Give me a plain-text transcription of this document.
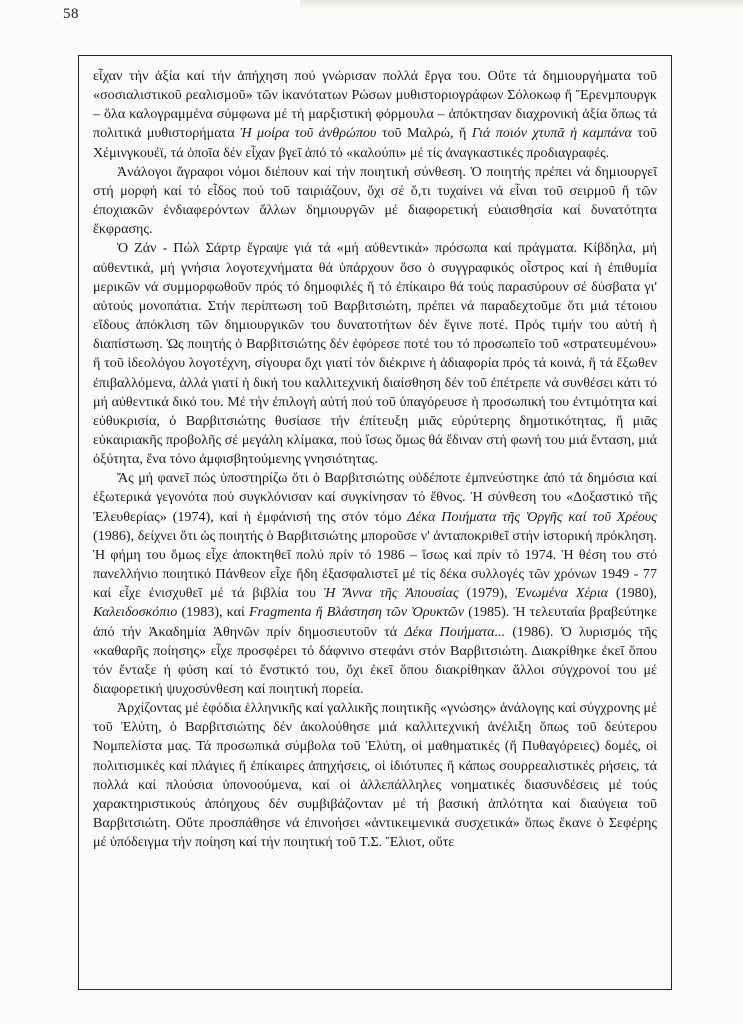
58

εἶχαν τήν ἀξία καί τήν ἀπήχηση πού γνώρισαν πολλά ἔργα του. Οὔτε τά δημιουργήματα τοῦ «σοσιαλιστικοῦ ρεαλισμοῦ» τῶν ἱκανότατων Ρώσων μυθιστοριογράφων Σόλοκωφ ἤ Ἔρενμπουργκ – ὅλα καλογραμμένα σύμφωνα μέ τή μαρξιστική φόρμουλα – ἀπόκτησαν διαχρονική ἀξία ὅπως τά πολιτικά μυθιστορήματα Ἡ μοίρα τοῦ ἀνθρώπου τοῦ Μαλρώ, ἤ Γιά ποιόν χτυπᾶ ἡ καμπάνα τοῦ Χέμινγκουέϊ, τά ὁποῖα δέν εἶχαν βγεῖ ἀπό τό «καλούπι» μέ τίς ἀναγκαστικές προδιαγραφές.

Ἀνάλογοι ἄγραφοι νόμοι διέπουν καί τήν ποιητική σύνθεση. Ὁ ποιητής πρέπει νά δημιουργεῖ στή μορφή καί τό εἶδος πού τοῦ ταιριάζουν, ὄχι σέ ὅ,τι τυχαίνει νά εἶναι τοῦ σειρμοῦ ἤ τῶν ἐποχιακῶν ἐνδιαφερόντων ἄλλων δημιουργῶν μέ διαφορετική εὐαισθησία καί δυνατότητα ἔκφρασης.

Ὁ Ζάν - Πώλ Σάρτρ ἔγραψε γιά τά «μή αὐθεντικά» πρόσωπα καί πράγματα. Κίβδηλα, μή αὐθεντικά, μή γνήσια λογοτεχνήματα θά ὑπάρχουν ὅσο ὁ συγγραφικός οἶστρος καί ἡ ἐπιθυμία μερικῶν νά συμμορφωθοῦν πρός τό δημοφιλές ἤ τό ἐπίκαιρο θά τούς παρασύρουν σέ δύσβατα γι' αὐτούς μονοπάτια. Στήν περίπτωση τοῦ Βαρβιτσιώτη, πρέπει νά παραδεχτοῦμε ὅτι μιά τέτοιου εἴδους ἀπόκλιση τῶν δημιουργικῶν του δυνατοτήτων δέν ἔγινε ποτέ. Πρός τιμήν του αὐτή ἡ διαπίστωση. Ὡς ποιητής ὁ Βαρβιτσιώτης δέν ἐφόρεσε ποτέ του τό προσωπεῖο τοῦ «στρατευμένου» ἤ τοῦ ἰδεολόγου λογοτέχνη, σίγουρα ὄχι γιατί τόν διέκρινε ἡ ἀδιαφορία πρός τά κοινά, ἤ τά ἔξωθεν ἐπιβαλλόμενα, ἀλλά γιατί ἡ δική του καλλιτεχνική διαίσθηση δέν τοῦ ἐπέτρεπε νά συνθέσει κάτι τό μή αὐθεντικά δικό του. Μέ τήν ἐπιλογή αὐτή πού τοῦ ὑπαγόρευσε ἡ προσωπική του ἐντιμότητα καί εὐθυκρισία, ὁ Βαρβιτσιώτης θυσίασε τήν ἐπίτευξη μιᾶς εὐρύτερης δημοτικότητας, ἤ μιᾶς εὐκαιριακῆς προβολῆς σέ μεγάλη κλίμακα, πού ἴσως ὅμως θά ἔδιναν στή φωνή του μιά ἔνταση, μιά ὀξύτητα, ἕνα τόνο ἀμφισβητούμενης γνησιότητας.

Ἄς μή φανεῖ πώς ὑποστηρίζω ὅτι ὁ Βαρβιτσιώτης οὐδέποτε ἐμπνεύστηκε ἀπό τά δημόσια καί ἐξωτερικά γεγονότα πού συγκλόνισαν καί συγκίνησαν τό ἔθνος. Ἡ σύνθεση του «Δοξαστικό τῆς Ἐλευθερίας» (1974), καί ἡ ἐμφάνισή της στόν τόμο Δέκα Ποιήματα τῆς Ὀργῆς καί τοῦ Χρέους (1986), δείχνει ὅτι ὡς ποιητής ὁ Βαρβιτσιώτης μποροῦσε ν' ἀνταποκριθεῖ στήν ἱστορική πρόκληση. Ἡ φήμη του ὅμως εἶχε ἀποκτηθεῖ πολύ πρίν τό 1986 – ἴσως καί πρίν τό 1974. Ἡ θέση του στό πανελλήνιο ποιητικό Πάνθεον εἶχε ἤδη ἐξασφαλιστεῖ μέ τίς δέκα συλλογές τῶν χρόνων 1949 - 77 καί εἶχε ἐνισχυθεῖ μέ τά βιβλία του Ἡ Ἄννα τῆς Ἀπουσίας (1979), Ἑνωμένα Χέρια (1980), Καλειδοσκόπιο (1983), καί Fragmenta ἤ Βλάστηση τῶν Ὀρυκτῶν (1985). Ἡ τελευταία βραβεύτηκε ἀπό τήν Ἀκαδημία Ἀθηνῶν πρίν δημοσιευτοῦν τά Δέκα Ποιήματα... (1986). Ὁ λυρισμός τῆς «καθαρῆς ποίησης» εἶχε προσφέρει τό δάφνινο στεφάνι στόν Βαρβιτσιώτη. Διακρίθηκε ἐκεῖ ὅπου τόν ἔνταξε ἡ φύση καί τό ἔνστικτό του, ὄχι ἐκεῖ ὅπου διακρίθηκαν ἄλλοι σύγχρονοί του μέ διαφορετική ψυχοσύνθεση καί ποιητική πορεία.

Ἀρχίζοντας μέ ἐφόδια ἑλληνικῆς καί γαλλικῆς ποιητικῆς «γνώσης» ἀνάλογης καί σύγχρονης μέ τοῦ Ἐλύτη, ὁ Βαρβιτσιώτης δέν ἀκολούθησε μιά καλλιτεχνική ἀνέλιξη ὅπως τοῦ δεύτερου Νομπελίστα μας. Τά προσωπικά σύμβολα τοῦ Ἐλύτη, οἱ μαθηματικές (ἤ Πυθαγόρειες) δομές, οἱ πολιτισμικές καί πλάγιες ἤ ἐπίκαιρες ἀπηχήσεις, οἱ ἰδιότυπες ἤ κάπως σουρρεαλιστικές ρήσεις, τά πολλά καί πλούσια ὑπονοούμενα, καί οἱ ἀλλεπάλληλες νοηματικές διασυνδέσεις μέ τούς χαρακτηριστικούς ἀπόηχους δέν συμβιβάζονταν μέ τή βασική ἁπλότητα καί διαύγεια τοῦ Βαρβιτσιώτη. Οὔτε προσπάθησε νά ἐπινοήσει «ἀντικειμενικά συσχετικά» ὅπως ἔκανε ὁ Σεφέρης μέ ὑπόδειγμα τήν ποίηση καί τήν ποιητική τοῦ Τ.Σ. Ἔλιοτ, οὔτε
